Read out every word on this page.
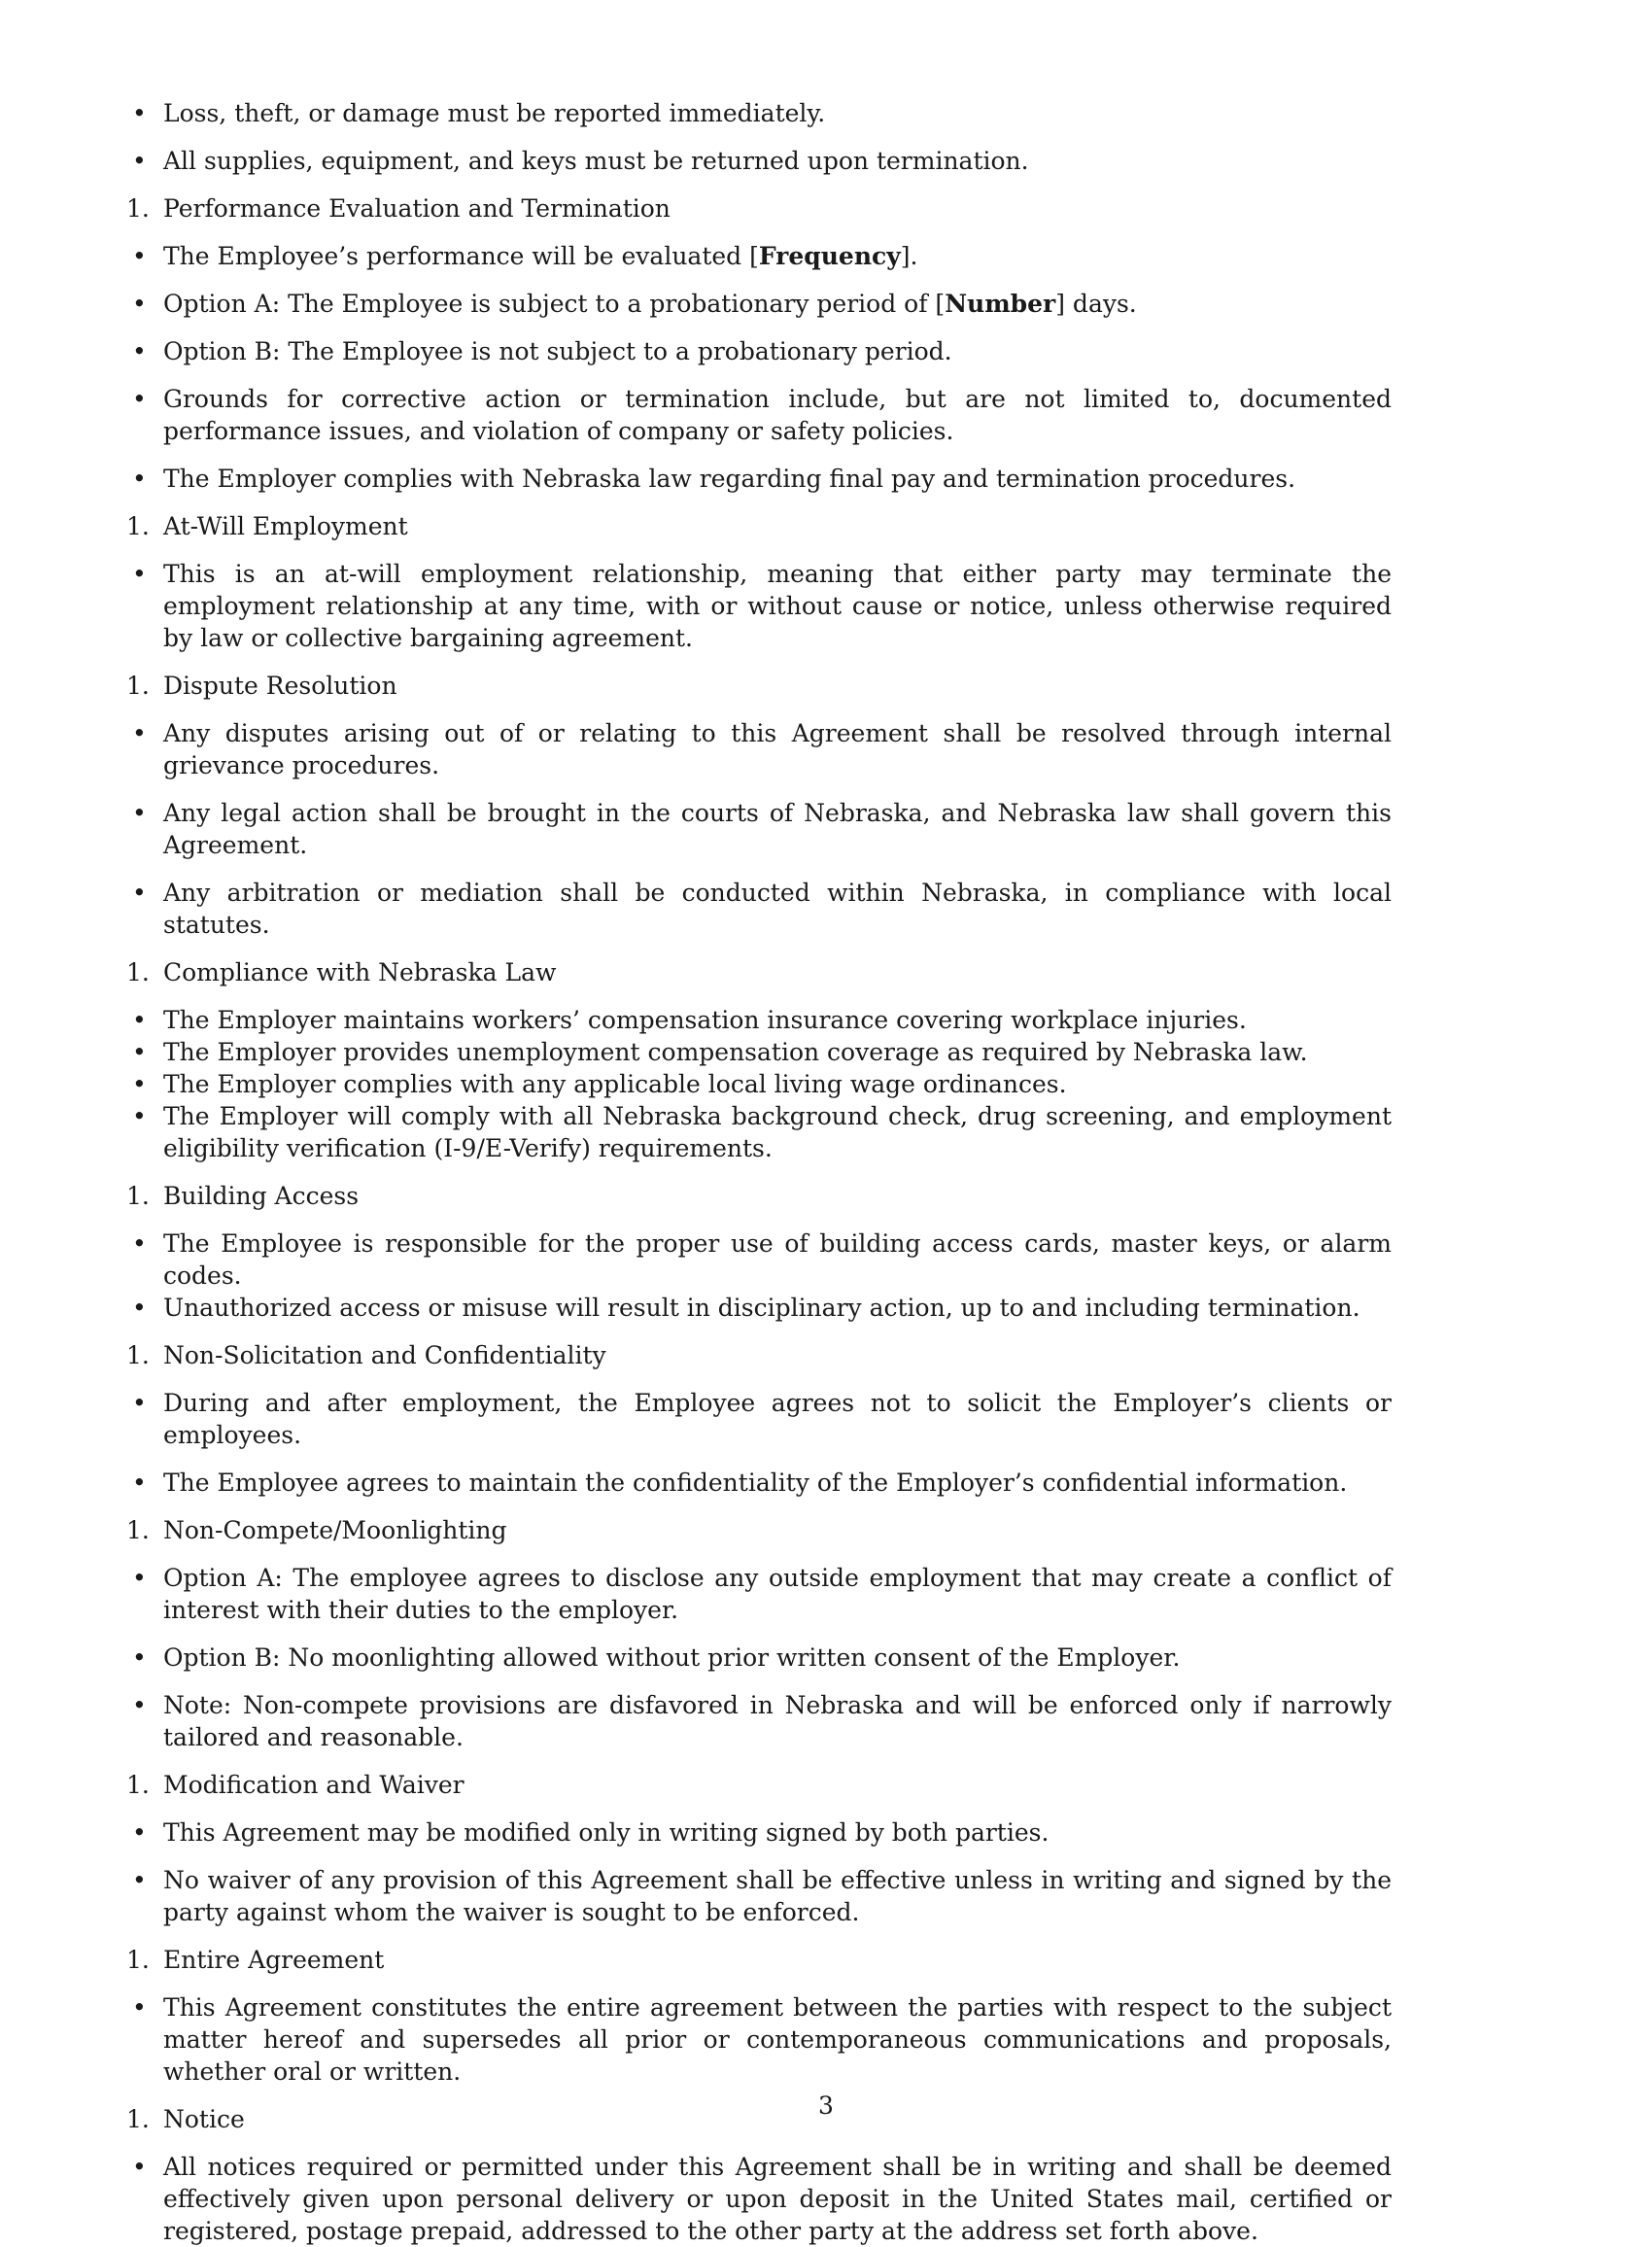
• Loss, theft, or damage must be reported immediately.
• All supplies, equipment, and keys must be returned upon termination.
1. Performance Evaluation and Termination
• The Employee’s performance will be evaluated [Frequency].
• Option A: The Employee is subject to a probationary period of [Number] days.
• Option B: The Employee is not subject to a probationary period.
• Grounds for corrective action or termination include, but are not limited to, documented performance issues, and violation of company or safety policies.
• The Employer complies with Nebraska law regarding final pay and termination procedures.
1. At-Will Employment
• This is an at-will employment relationship, meaning that either party may terminate the employment relationship at any time, with or without cause or notice, unless otherwise required by law or collective bargaining agreement.
1. Dispute Resolution
• Any disputes arising out of or relating to this Agreement shall be resolved through internal grievance procedures.
• Any legal action shall be brought in the courts of Nebraska, and Nebraska law shall govern this Agreement.
• Any arbitration or mediation shall be conducted within Nebraska, in compliance with local statutes.
1. Compliance with Nebraska Law
• The Employer maintains workers’ compensation insurance covering workplace injuries.
• The Employer provides unemployment compensation coverage as required by Nebraska law.
• The Employer complies with any applicable local living wage ordinances.
• The Employer will comply with all Nebraska background check, drug screening, and employment eligibility verification (I-9/E-Verify) requirements.
1. Building Access
• The Employee is responsible for the proper use of building access cards, master keys, or alarm codes.
• Unauthorized access or misuse will result in disciplinary action, up to and including termination.
1. Non-Solicitation and Confidentiality
• During and after employment, the Employee agrees not to solicit the Employer’s clients or employees.
• The Employee agrees to maintain the confidentiality of the Employer’s confidential information.
1. Non-Compete/Moonlighting
• Option A: The employee agrees to disclose any outside employment that may create a conflict of interest with their duties to the employer.
• Option B: No moonlighting allowed without prior written consent of the Employer.
• Note: Non-compete provisions are disfavored in Nebraska and will be enforced only if narrowly tailored and reasonable.
1. Modification and Waiver
• This Agreement may be modified only in writing signed by both parties.
• No waiver of any provision of this Agreement shall be effective unless in writing and signed by the party against whom the waiver is sought to be enforced.
1. Entire Agreement
• This Agreement constitutes the entire agreement between the parties with respect to the subject matter hereof and supersedes all prior or contemporaneous communications and proposals, whether oral or written.
1. Notice
• All notices required or permitted under this Agreement shall be in writing and shall be deemed effectively given upon personal delivery or upon deposit in the United States mail, certified or registered, postage prepaid, addressed to the other party at the address set forth above.
3
